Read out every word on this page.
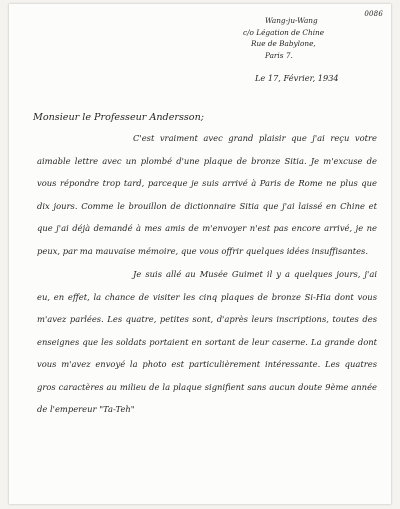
0086
Wang-ju-Wang
c/o Légation de Chine
Rue de Babylone,
Paris 7.
Le 17, Février, 1934
Monsieur le Professeur Andersson;

C'est vraiment avec grand plaisir que j'ai reçu votre aimable lettre avec un plombé d'une plaque de bronze Sitia. Je m'excuse de vous répondre trop tard, parceque je suis arrivé à Paris de Rome ne plus que dix jours. Comme le brouillon de dictionnaire Sitia que j'ai laissé en Chine et que j'ai déjà demandé à mes amis de m'envoyer n'est pas encore arrivé, je ne peux, par ma mauvaise mémoire, que vous offrir quelques idées insuffisantes.

Je suis allé au Musée Guimet il y a quelques jours, j'ai eu, en effet, la chance de visiter les cinq plaques de bronze Si-Hia dont vous m'avez parlées. Les quatre, petites sont, d'après leurs inscriptions, toutes des enseignes que les soldats portaient en sortant de leur caserne. La grande dont vous m'avez envoyé la photo est particulièrement intéressante. Les quatres gros caractères au milieu de la plaque signifient sans aucun doute 9ème année de l'empereur "Ta-Teh"
